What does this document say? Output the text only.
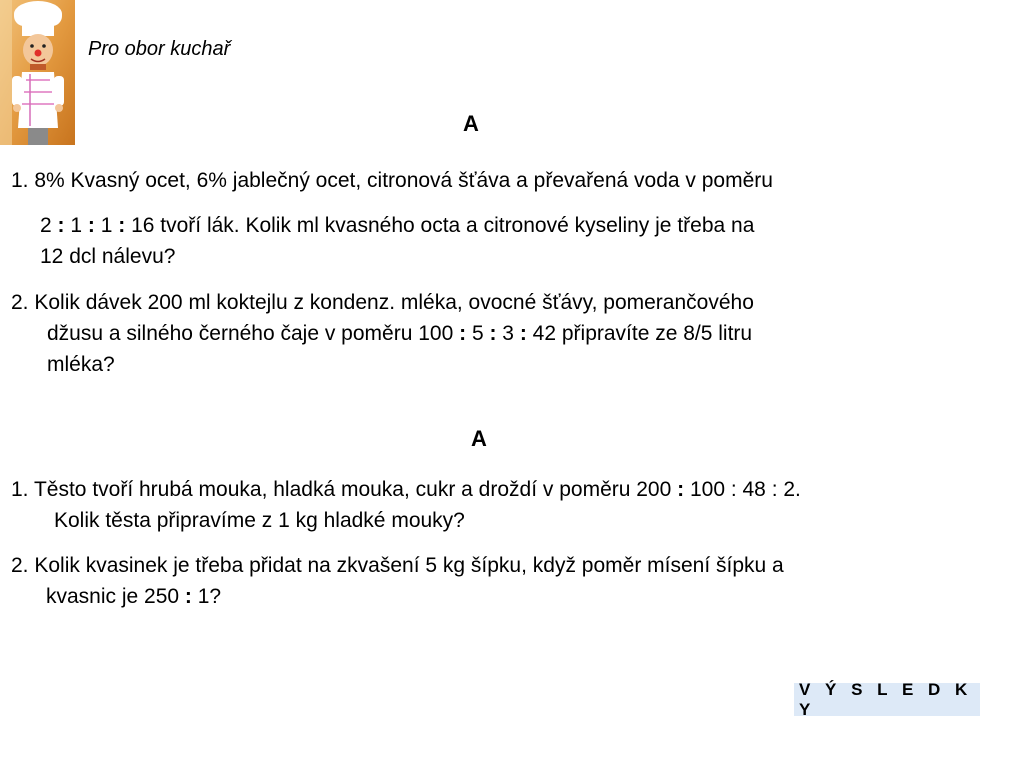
Pro obor kuchař
A
1. 8% Kvasný ocet, 6% jablečný ocet, citronová šťáva a převařená voda v poměru
2 : 1 : 1 : 16 tvoří lák. Kolik ml kvasného octa a citronové kyseliny je třeba na
12 dcl nálevu?
2. Kolik dávek 200 ml koktejlu z kondenz. mléka, ovocné šťávy, pomerančového
džusu a silného černého čaje v poměru 100 : 5 : 3 : 42 připravíte ze 8/5 litru
mléka?
A
1. Těsto tvoří hrubá mouka, hladká mouka, cukr a droždí v poměru 200 : 100 : 48 : 2.
Kolik těsta připravíme z 1 kg hladké mouky?
2. Kolik kvasinek je třeba přidat na zkvašení 5 kg šípku, když poměr mísení šípku a
kvasnic je 250 : 1?
V Ý S L E D K Y
